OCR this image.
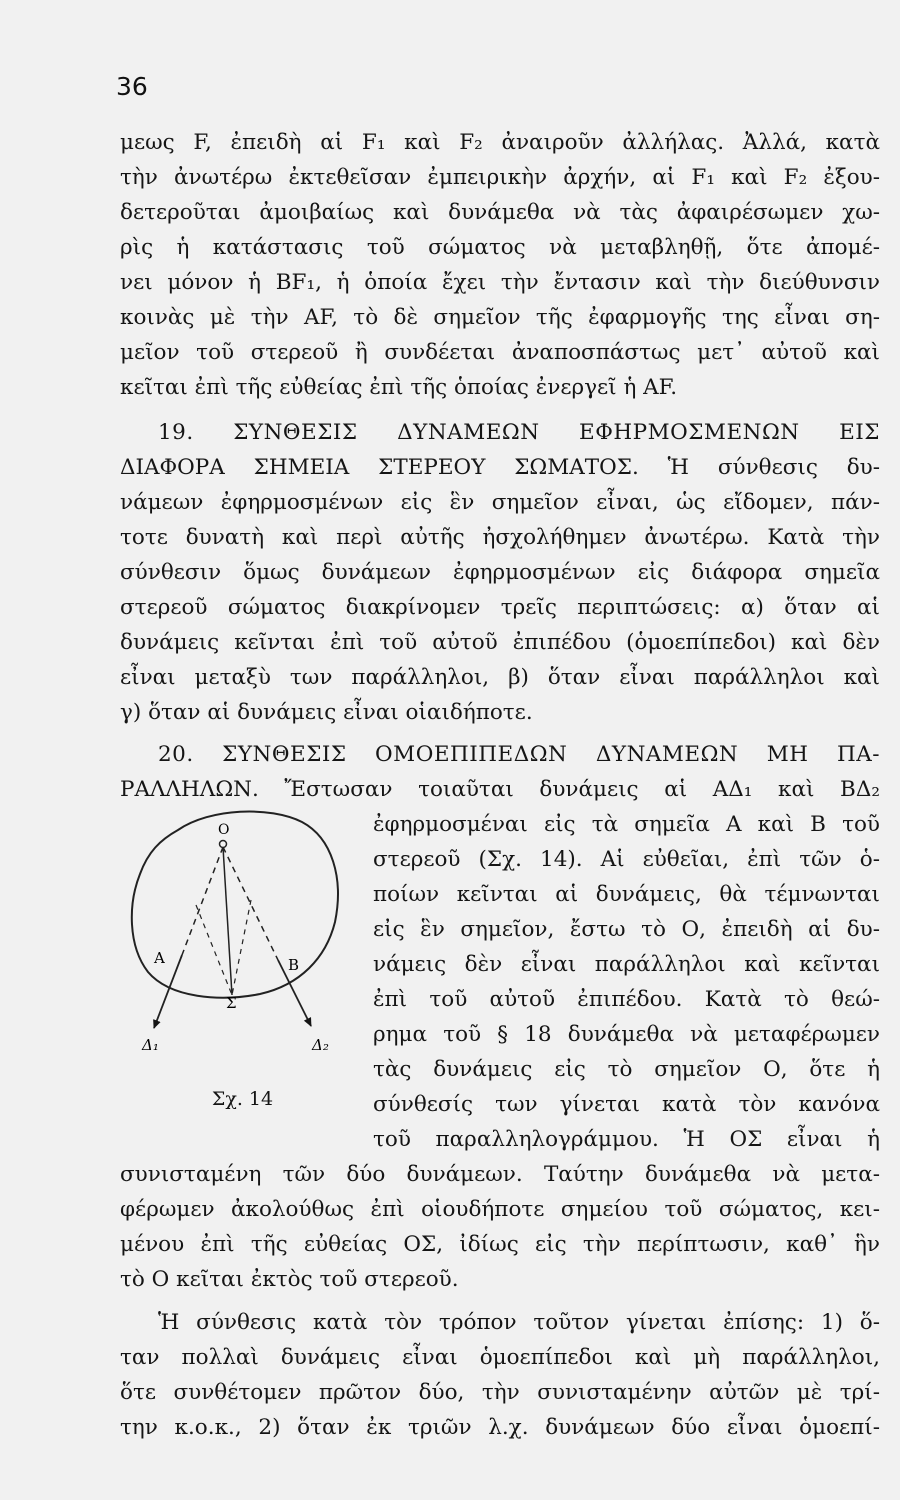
36
μεως F, ἐπειδὴ αἱ F₁ καὶ F₂ ἀναιροῦν ἀλλήλας. Ἀλλά, κατὰ
τὴν ἀνωτέρω ἐκτεθεῖσαν ἐμπειρικὴν ἀρχήν, αἱ F₁ καὶ F₂ ἐξου-
δετεροῦται ἀμοιβαίως καὶ δυνάμεθα νὰ τὰς ἀφαιρέσωμεν χω-
ρὶς ἡ κατάστασις τοῦ σώματος νὰ μεταβληθῇ, ὅτε ἀπομέ-
νει μόνον ἡ BF₁, ἡ ὁποία ἔχει τὴν ἔντασιν καὶ τὴν διεύθυνσιν
κοινὰς μὲ τὴν AF, τὸ δὲ σημεῖον τῆς ἐφαρμογῆς της εἶναι ση-
μεῖον τοῦ στερεοῦ ἢ συνδέεται ἀναποσπάστως μετ᾽ αὐτοῦ καὶ
κεῖται ἐπὶ τῆς εὐθείας ἐπὶ τῆς ὁποίας ἐνεργεῖ ἡ AF.
19. ΣΥΝΘΕΣΙΣ ΔΥΝΑΜΕΩΝ ΕΦΗΡΜΟΣΜΕΝΩΝ ΕΙΣ
ΔΙΑΦΟΡΑ ΣΗΜΕΙΑ ΣΤΕΡΕΟΥ ΣΩΜΑΤΟΣ. Ἡ σύνθεσις δυ-
νάμεων ἐφηρμοσμένων εἰς ἓν σημεῖον εἶναι, ὡς εἴδομεν, πάν-
τοτε δυνατὴ καὶ περὶ αὐτῆς ἠσχολήθημεν ἀνωτέρω. Κατὰ τὴν
σύνθεσιν ὅμως δυνάμεων ἐφηρμοσμένων εἰς διάφορα σημεῖα
στερεοῦ σώματος διακρίνομεν τρεῖς περιπτώσεις: α) ὅταν αἱ
δυνάμεις κεῖνται ἐπὶ τοῦ αὐτοῦ ἐπιπέδου (ὁμοεπίπεδοι) καὶ δὲν
εἶναι μεταξὺ των παράλληλοι, β) ὅταν εἶναι παράλληλοι καὶ
γ) ὅταν αἱ δυνάμεις εἶναι οἱαιδήποτε.
20. ΣΥΝΘΕΣΙΣ ΟΜΟΕΠΙΠΕΔΩΝ ΔΥΝΑΜΕΩΝ ΜΗ ΠΑ-
ΡΑΛΛΗΛΩΝ. Ἔστωσαν τοιαῦται δυνάμεις αἱ ΑΔ₁ καὶ ΒΔ₂
ἐφηρμοσμέναι εἰς τὰ σημεῖα Α καὶ Β τοῦ
στερεοῦ (Σχ. 14). Αἱ εὐθεῖαι, ἐπὶ τῶν ὁ-
ποίων κεῖνται αἱ δυνάμεις, θὰ τέμνωνται
εἰς ἓν σημεῖον, ἔστω τὸ Ο, ἐπειδὴ αἱ δυ-
νάμεις δὲν εἶναι παράλληλοι καὶ κεῖνται
ἐπὶ τοῦ αὐτοῦ ἐπιπέδου. Κατὰ τὸ θεώ-
ρημα τοῦ § 18 δυνάμεθα νὰ μεταφέρωμεν
τὰς δυνάμεις εἰς τὸ σημεῖον Ο, ὅτε ἡ
σύνθεσίς των γίνεται κατὰ τὸν κανόνα
τοῦ παραλληλογράμμου. Ἡ ΟΣ εἶναι ἡ
συνισταμένη τῶν δύο δυνάμεων. Ταύτην δυνάμεθα νὰ μετα-
φέρωμεν ἀκολούθως ἐπὶ οἱουδήποτε σημείου τοῦ σώματος, κει-
μένου ἐπὶ τῆς εὐθείας ΟΣ, ἰδίως εἰς τὴν περίπτωσιν, καθ᾽ ἣν
τὸ Ο κεῖται ἐκτὸς τοῦ στερεοῦ.
Ἡ σύνθεσις κατὰ τὸν τρόπον τοῦτον γίνεται ἐπίσης: 1) ὅ-
ταν πολλαὶ δυνάμεις εἶναι ὁμοεπίπεδοι καὶ μὴ παράλληλοι,
ὅτε συνθέτομεν πρῶτον δύο, τὴν συνισταμένην αὐτῶν μὲ τρί-
την κ.ο.κ., 2) ὅταν ἐκ τριῶν λ.χ. δυνάμεων δύο εἶναι ὁμοεπί-
O
A	B
Σ
Δ₁	Δ₂
Σχ. 14
